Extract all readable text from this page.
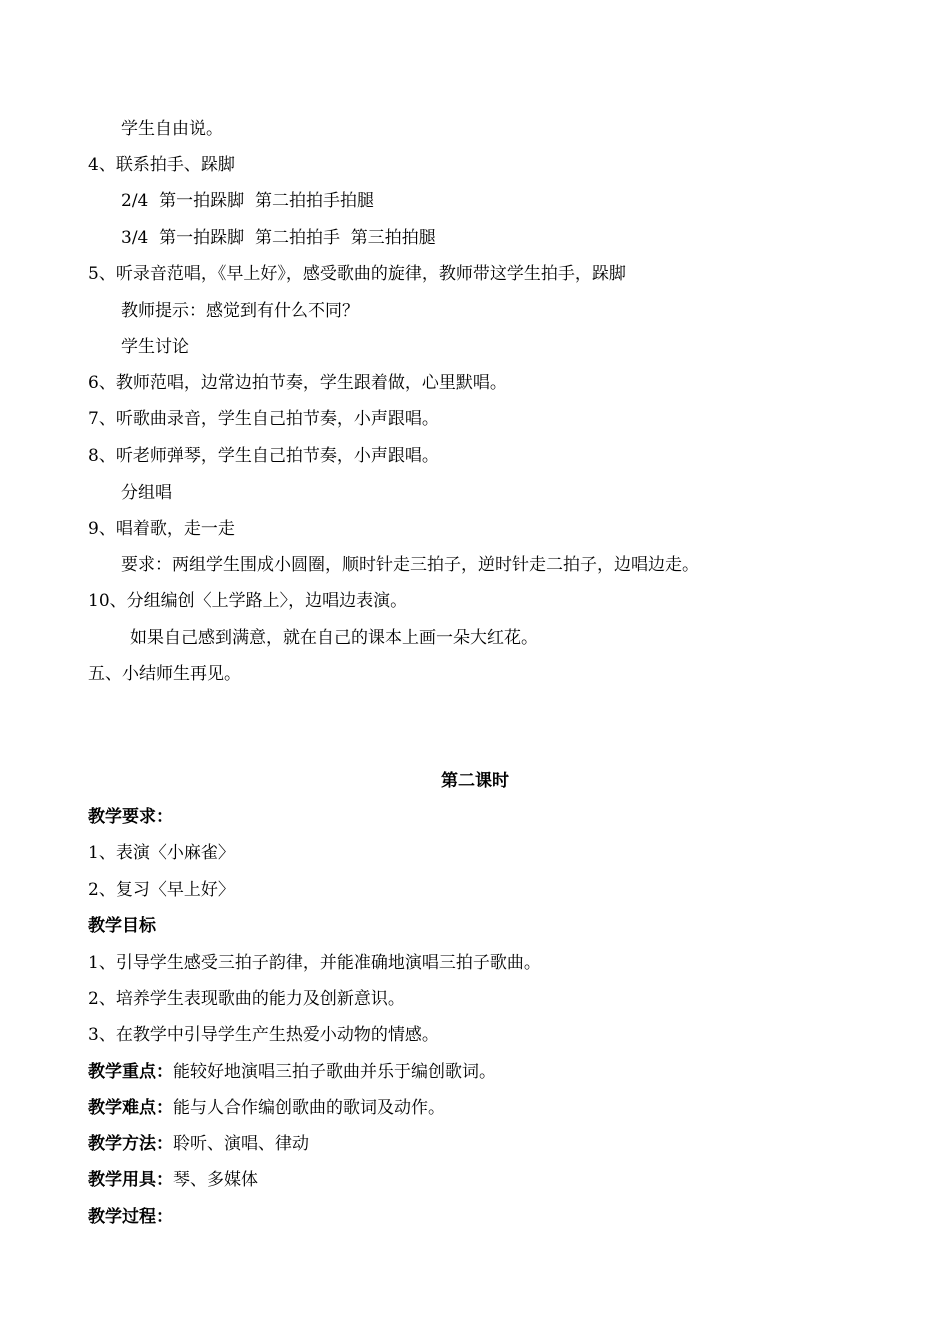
学生自由说。

4、联系拍手、跺脚

2/4  第一拍跺脚  第二拍拍手拍腿

3/4  第一拍跺脚  第二拍拍手  第三拍拍腿

5、听录音范唱，《早上好》，感受歌曲的旋律，教师带这学生拍手，跺脚

教师提示：感觉到有什么不同？

学生讨论

6、教师范唱，边常边拍节奏，学生跟着做，心里默唱。

7、听歌曲录音，学生自己拍节奏，小声跟唱。

8、听老师弹琴，学生自己拍节奏，小声跟唱。

分组唱

9、唱着歌，走一走

要求：两组学生围成小圆圈，顺时针走三拍子，逆时针走二拍子，边唱边走。

10、分组编创〈上学路上〉，边唱边表演。

如果自己感到满意，就在自己的课本上画一朵大红花。

五、小结师生再见。

第二课时

教学要求：

1、表演〈小麻雀〉

2、复习〈早上好〉

教学目标

1、引导学生感受三拍子韵律，并能准确地演唱三拍子歌曲。

2、培养学生表现歌曲的能力及创新意识。

3、在教学中引导学生产生热爱小动物的情感。

教学重点：能较好地演唱三拍子歌曲并乐于编创歌词。

教学难点：能与人合作编创歌曲的歌词及动作。

教学方法：聆听、演唱、律动

教学用具：琴、多媒体

教学过程：
